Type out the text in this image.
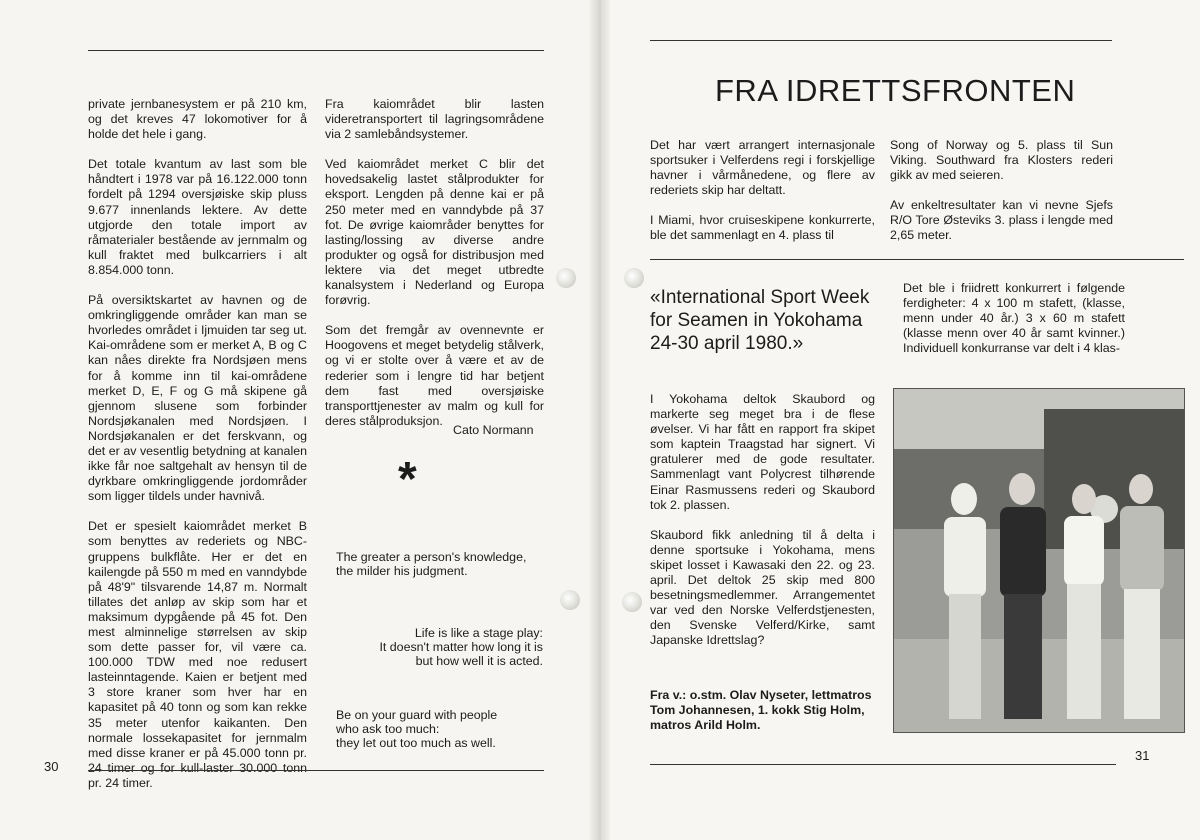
private jernbanesystem er på 210 km, og det kreves 47 lokomotiver for å holde det hele i gang.

Det totale kvantum av last som ble håndtert i 1978 var på 16.122.000 tonn fordelt på 1294 oversjøiske skip pluss 9.677 innenlands lektere. Av dette utgjorde den totale import av råmaterialer bestående av jernmalm og kull fraktet med bulkcarriers i alt 8.854.000 tonn.

På oversiktskartet av havnen og de omkringliggende områder kan man se hvorledes området i Ijmuiden tar seg ut. Kai-områdene som er merket A, B og C kan nåes direkte fra Nordsjøen mens for å komme inn til kai-områdene merket D, E, F og G må skipene gå gjennom slusene som forbinder Nordsjøkanalen med Nordsjøen. I Nordsjøkanalen er det ferskvann, og det er av vesentlig betydning at kanalen ikke får noe saltgehalt av hensyn til de dyrkbare omkringliggende jordområder som ligger tildels under havnivå.

Det er spesielt kaiområdet merket B som benyttes av rederiets og NBC-gruppens bulkflåte. Her er det en kailengde på 550 m med en vanndybde på 48'9" tilsvarende 14,87 m. Normalt tillates det anløp av skip som har et maksimum dypgående på 45 fot. Den mest alminnelige størrelsen av skip som dette passer for, vil være ca. 100.000 TDW med noe redusert lasteinntagende. Kaien er betjent med 3 store kraner som hver har en kapasitet på 40 tonn og som kan rekke 35 meter utenfor kaikanten. Den normale lossekapasitet for jernmalm med disse kraner er på 45.000 tonn pr. 24 timer og for kull-laster 30.000 tonn pr. 24 timer.

Fra kaiområdet blir lasten videretransportert til lagringsområdene via 2 samlebåndsystemer.

Ved kaiområdet merket C blir det hovedsakelig lastet stålprodukter for eksport. Lengden på denne kai er på 250 meter med en vanndybde på 37 fot. De øvrige kaiområder benyttes for lasting/lossing av diverse andre produkter og også for distribusjon med lektere via det meget utbredte kanalsystem i Nederland og Europa forøvrig.

Som det fremgår av ovennevnte er Hoogovens et meget betydelig stålverk, og vi er stolte over å være et av de rederier som i lengre tid har betjent dem fast med oversjøiske transporttjenester av malm og kull for deres stålproduksjon.

Cato Normann
*
The greater a person's knowledge,
the milder his judgment.
Life is like a stage play:
It doesn't matter how long it is
but how well it is acted.
Be on your guard with people
who ask too much:
they let out too much as well.
30
FRA IDRETTSFRONTEN

Det har vært arrangert internasjonale sportsuker i Velferdens regi i forskjellige havner i vårmånedene, og flere av rederiets skip har deltatt.

I Miami, hvor cruiseskipene konkurrerte, ble det sammenlagt en 4. plass til

Song of Norway og 5. plass til Sun Viking. Southward fra Klosters rederi gikk av med seieren.

Av enkeltresultater kan vi nevne Sjefs R/O Tore Østeviks 3. plass i lengde med 2,65 meter.

«International Sport Week for Seamen in Yokohama 24-30 april 1980.»

I Yokohama deltok Skaubord og markerte seg meget bra i de flese øvelser. Vi har fått en rapport fra skipet som kaptein Traagstad har signert. Vi gratulerer med de gode resultater. Sammenlagt vant Polycrest tilhørende Einar Rasmussens rederi og Skaubord tok 2. plassen.

Skaubord fikk anledning til å delta i denne sportsuke i Yokohama, mens skipet losset i Kawasaki den 22. og 23. april. Det deltok 25 skip med 800 besetningsmedlemmer. Arrangementet var ved den Norske Velferdstjenesten, den Svenske Velferd/Kirke, samt Japanske Idrettslag?

Det ble i friidrett konkurrert i følgende ferdigheter: 4 x 100 m stafett, (klasse, menn under 40 år.) 3 x 60 m stafett (klasse menn over 40 år samt kvinner.) Individuell konkurranse var delt i 4 klas-

Fra v.: o.stm. Olav Nyseter, lettmatros Tom Johannesen, 1. kokk Stig Holm, matros Arild Holm.
31
